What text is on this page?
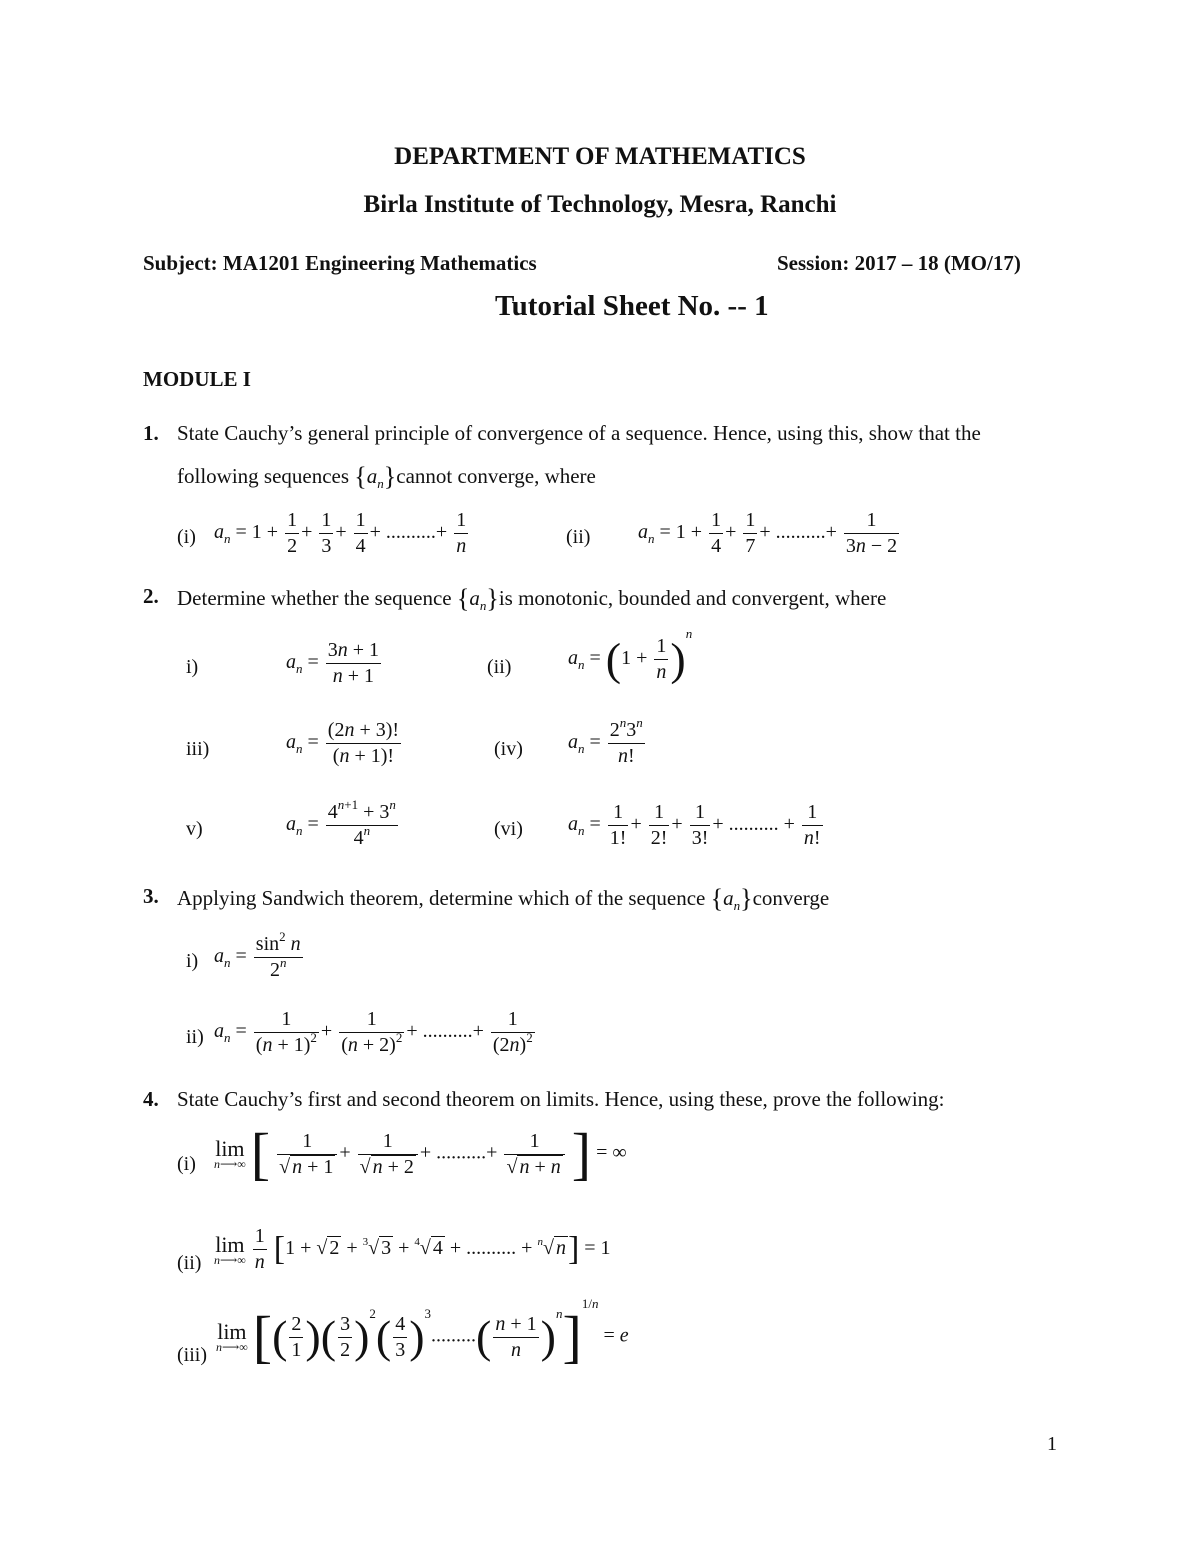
DEPARTMENT OF MATHEMATICS
Birla Institute of Technology, Mesra, Ranchi
Subject: MA1201 Engineering Mathematics	Session: 2017 – 18 (MO/17)
Tutorial Sheet No. -- 1
MODULE I
1. State Cauchy’s general principle of convergence of a sequence. Hence, using this, show that the
following sequences $\{a_n\}cannot$ converge, where
(i) $a_n = 1 + \frac{1}{2} + \frac{1}{3} + \frac{1}{4}$ + ..........+ $\frac{1}{n}$	(ii) $a_n = 1 + \frac{1}{4} + \frac{1}{7}$ + ..........+ $\frac{1}{3n - 2}$
2. Determine whether the sequence $\{a_n\}is$ monotonic, bounded and convergent, where
i)	$a_n = \frac{3n + 1}{n + 1}$	(ii)	$a_n = (1 + \frac{1}{n} )^n$
iii)	$a_n = \frac{(2n + 3)!}{(n + 1)!}$	(iv) $a_n = \frac{2^n3^n}{n!}$
v)	$a_n = \frac{4^{n+1} + 3^n}{4^n}$	(vi) $a_n = \frac{1}{1!} + \frac{1}{2!} + \frac{1}{3!}$ + .......... + $\frac{1}{n!}$
3. Applying Sandwich theorem, determine which of the sequence $\{a_n\}converge$
i) $a_n = \frac{\sin^2 n}{2^n}$
ii) $a_n = \frac{1}{(n + 1)^2} + \frac{1}{(n + 2)^2}$ + ..........+ $\frac{1}{(2n)^2}$
4. State Cauchy’s first and second theorem on limits. Hence, using these, prove the following:
(i)
lim
n⟶∞ [ $\frac{1}{√ n + 1} + \frac{1}{√ n + 2}$ + ..........+ $\frac{1}{√ n + n}$ ] = ∞
(ii)
lim
n⟶∞
$\frac{1}{n} [1$ + √ 2 + $^3$√ 3 + $^4$√ 4 + .......... + $^n$√ n] = 1
(iii)
lim
n⟶∞ [( $\frac{2}{1}$ )( $\frac{3}{2} )^2( \frac{4}{3} )^3.........( \frac{n + 1}{n} )^n]^{1/n} = e$
1
